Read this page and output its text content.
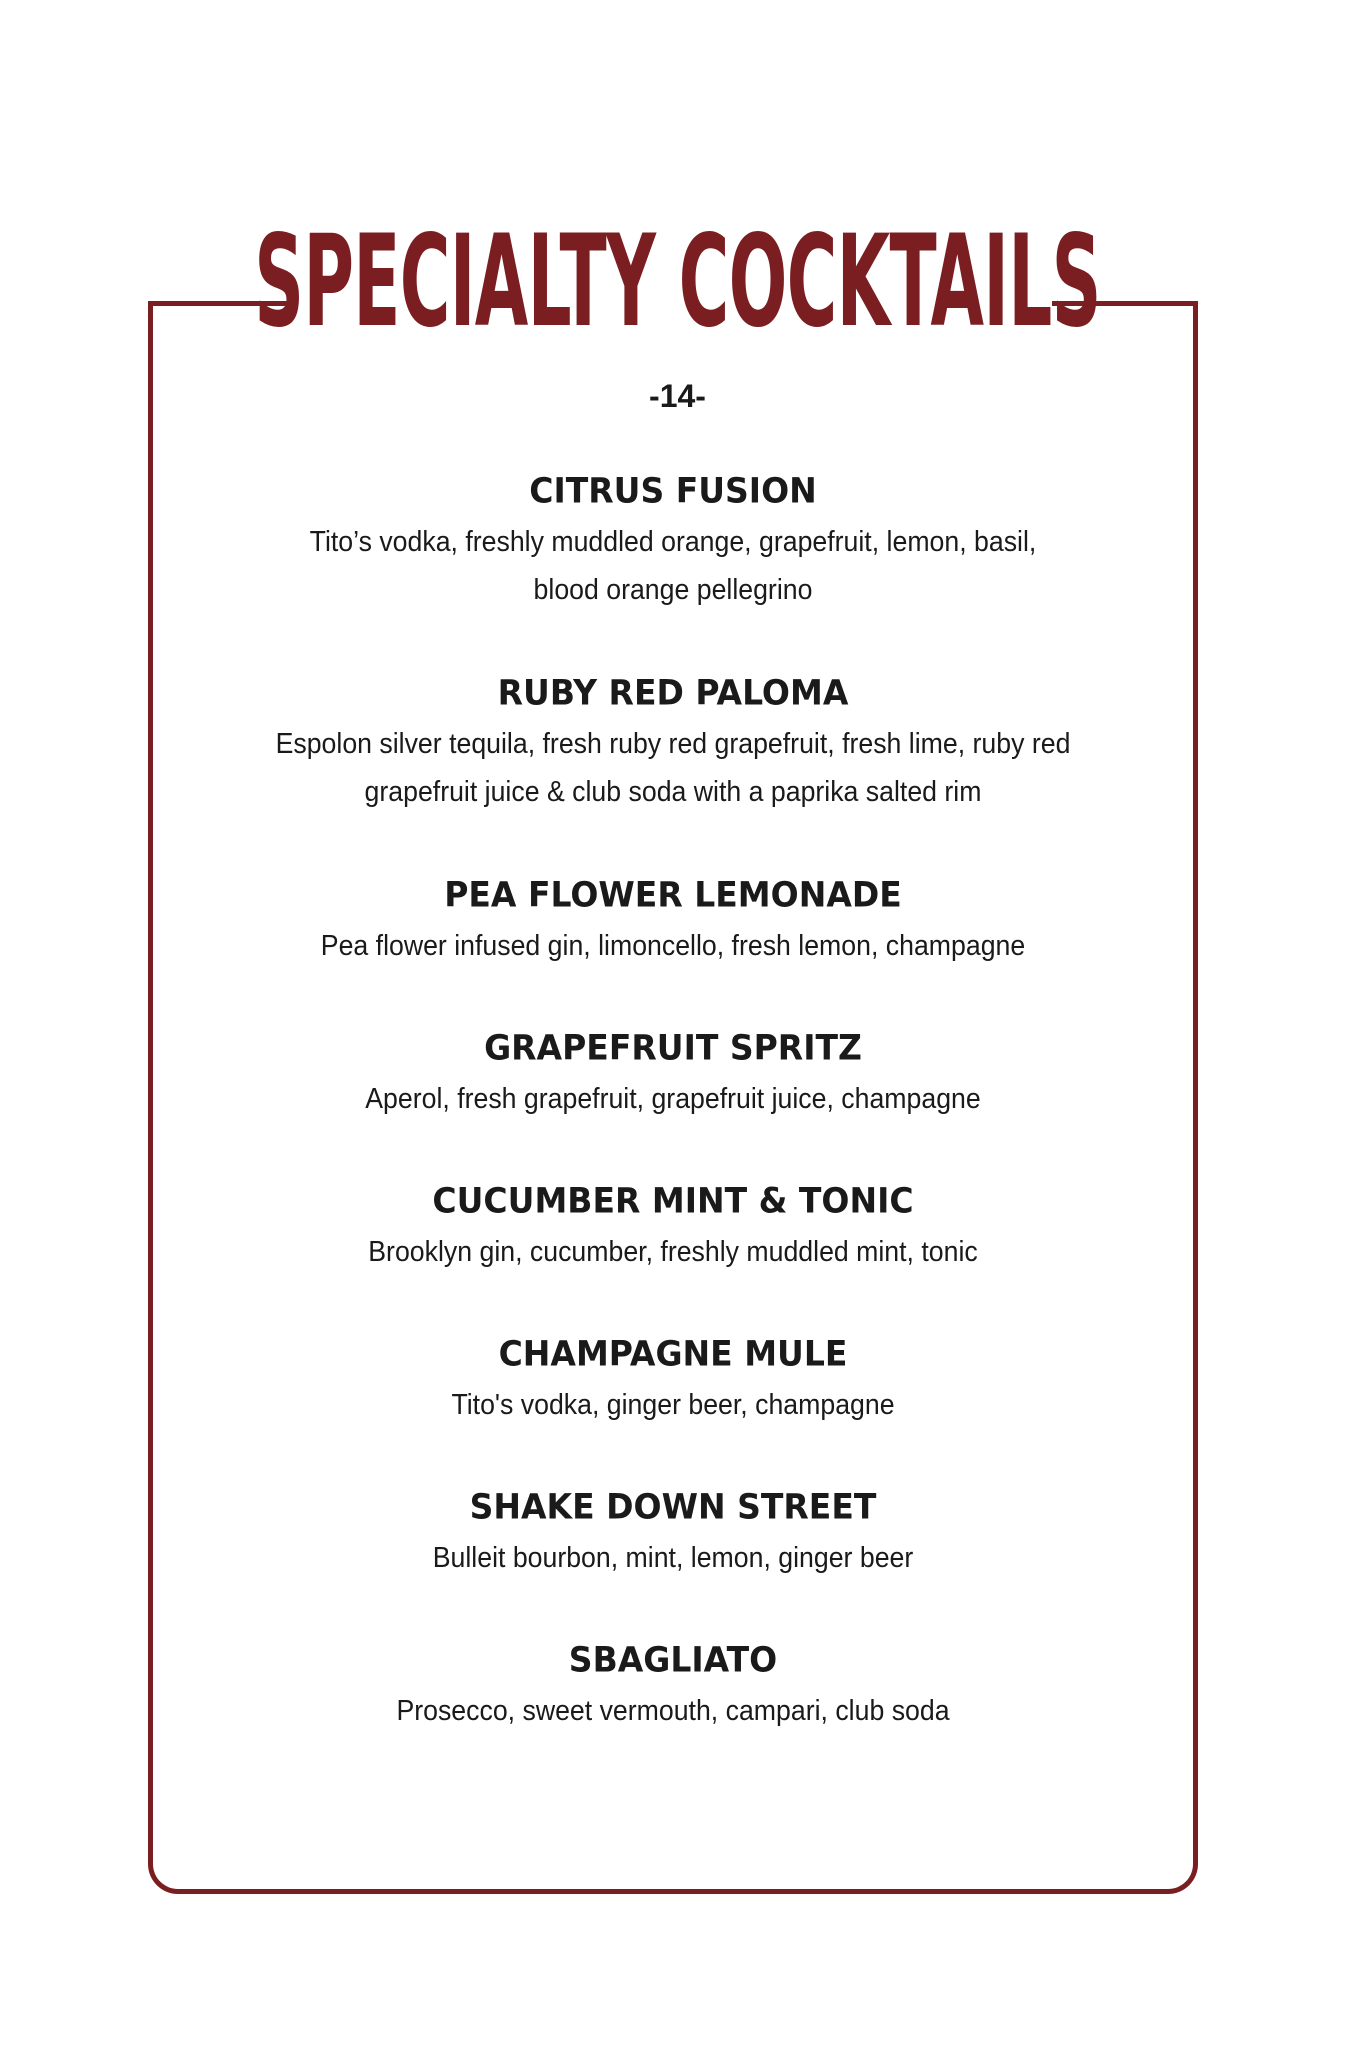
SPECIALTY COCKTAILS
-14-
CITRUS FUSION
Tito’s vodka, freshly muddled orange, grapefruit, lemon, basil,
blood orange pellegrino
RUBY RED PALOMA
Espolon silver tequila, fresh ruby red grapefruit, fresh lime, ruby red
grapefruit juice & club soda with a paprika salted rim
PEA FLOWER LEMONADE
Pea flower infused gin, limoncello, fresh lemon, champagne
GRAPEFRUIT SPRITZ
Aperol, fresh grapefruit, grapefruit juice, champagne
CUCUMBER MINT & TONIC
Brooklyn gin, cucumber, freshly muddled mint, tonic
CHAMPAGNE MULE
Tito's vodka, ginger beer, champagne
SHAKE DOWN STREET
Bulleit bourbon, mint, lemon, ginger beer
SBAGLIATO
Prosecco, sweet vermouth, campari, club soda
